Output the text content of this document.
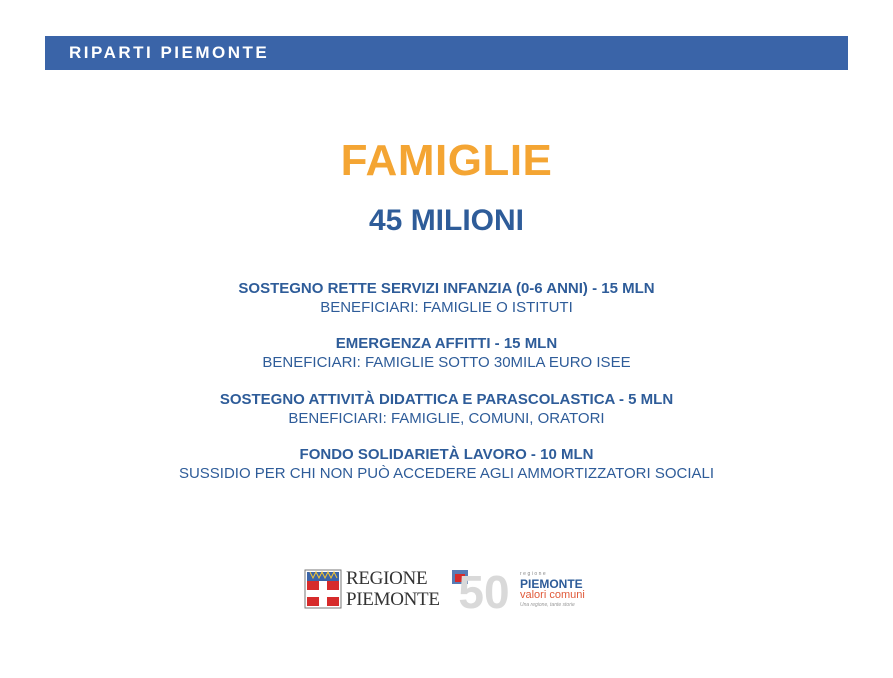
RIPARTI PIEMONTE
FAMIGLIE
45 MILIONI
SOSTEGNO RETTE SERVIZI INFANZIA (0-6 ANNI) - 15 MLN
BENEFICIARI: FAMIGLIE O ISTITUTI
EMERGENZA AFFITTI - 15 MLN
BENEFICIARI: FAMIGLIE SOTTO 30MILA EURO ISEE
SOSTEGNO ATTIVITÀ DIDATTICA E PARASCOLASTICA - 5 MLN
BENEFICIARI: FAMIGLIE, COMUNI, ORATORI
FONDO SOLIDARIETÀ LAVORO - 10 MLN
SUSSIDIO PER CHI NON PUÒ ACCEDERE AGLI AMMORTIZZATORI SOCIALI
REGIONE
PIEMONTE 50 regione
PIEMONTE
valori comuni
Una regione, tante storie
